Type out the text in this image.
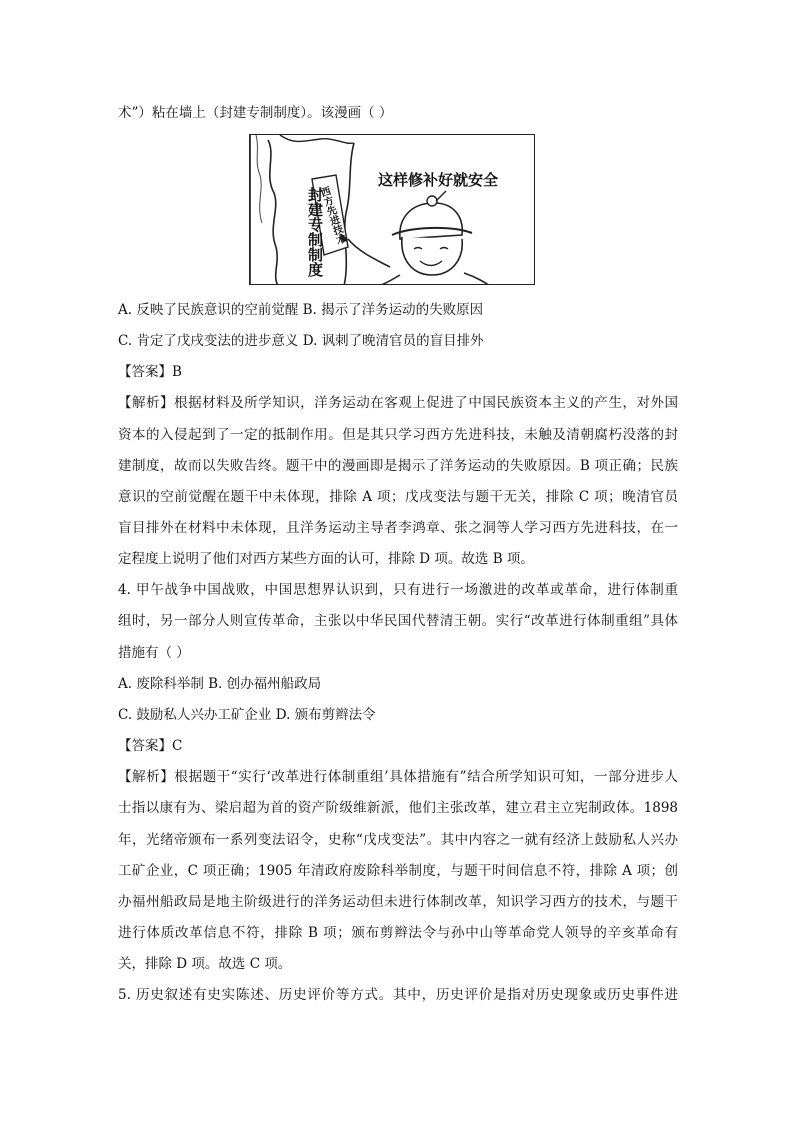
术”）粘在墙上（封建专制制度）。该漫画（ ）
这样修补好就安全
封建专制制度
西方先进技术
A. 反映了民族意识的空前觉醒 B. 揭示了洋务运动的失败原因
C. 肯定了戊戌变法的进步意义 D. 讽刺了晚清官员的盲目排外
【答案】B
【解析】根据材料及所学知识，洋务运动在客观上促进了中国民族资本主义的产生，对外国
资本的入侵起到了一定的抵制作用。但是其只学习西方先进科技，未触及清朝腐朽没落的封
建制度，故而以失败告终。题干中的漫画即是揭示了洋务运动的失败原因。B 项正确；民族
意识的空前觉醒在题干中未体现，排除 A 项；戊戌变法与题干无关，排除 C 项；晚清官员
盲目排外在材料中未体现，且洋务运动主导者李鸿章、张之洞等人学习西方先进科技，在一
定程度上说明了他们对西方某些方面的认可，排除 D 项。故选 B 项。
4. 甲午战争中国战败，中国思想界认识到，只有进行一场激进的改革或革命，进行体制重
组时，另一部分人则宣传革命，主张以中华民国代替清王朝。实行“改革进行体制重组”具体
措施有（ ）
A. 废除科举制 B. 创办福州船政局
C. 鼓励私人兴办工矿企业 D. 颁布剪辫法令
【答案】C
【解析】根据题干“实行‘改革进行体制重组’具体措施有”结合所学知识可知，一部分进步人
士指以康有为、梁启超为首的资产阶级维新派，他们主张改革，建立君主立宪制政体。1898
年，光绪帝颁布一系列变法诏令，史称“戊戌变法”。其中内容之一就有经济上鼓励私人兴办
工矿企业，C 项正确；1905 年清政府废除科举制度，与题干时间信息不符，排除 A 项；创
办福州船政局是地主阶级进行的洋务运动但未进行体制改革，知识学习西方的技术，与题干
进行体质改革信息不符，排除 B 项；颁布剪辫法令与孙中山等革命党人领导的辛亥革命有
关，排除 D 项。故选 C 项。
5. 历史叙述有史实陈述、历史评价等方式。其中，历史评价是指对历史现象或历史事件进
